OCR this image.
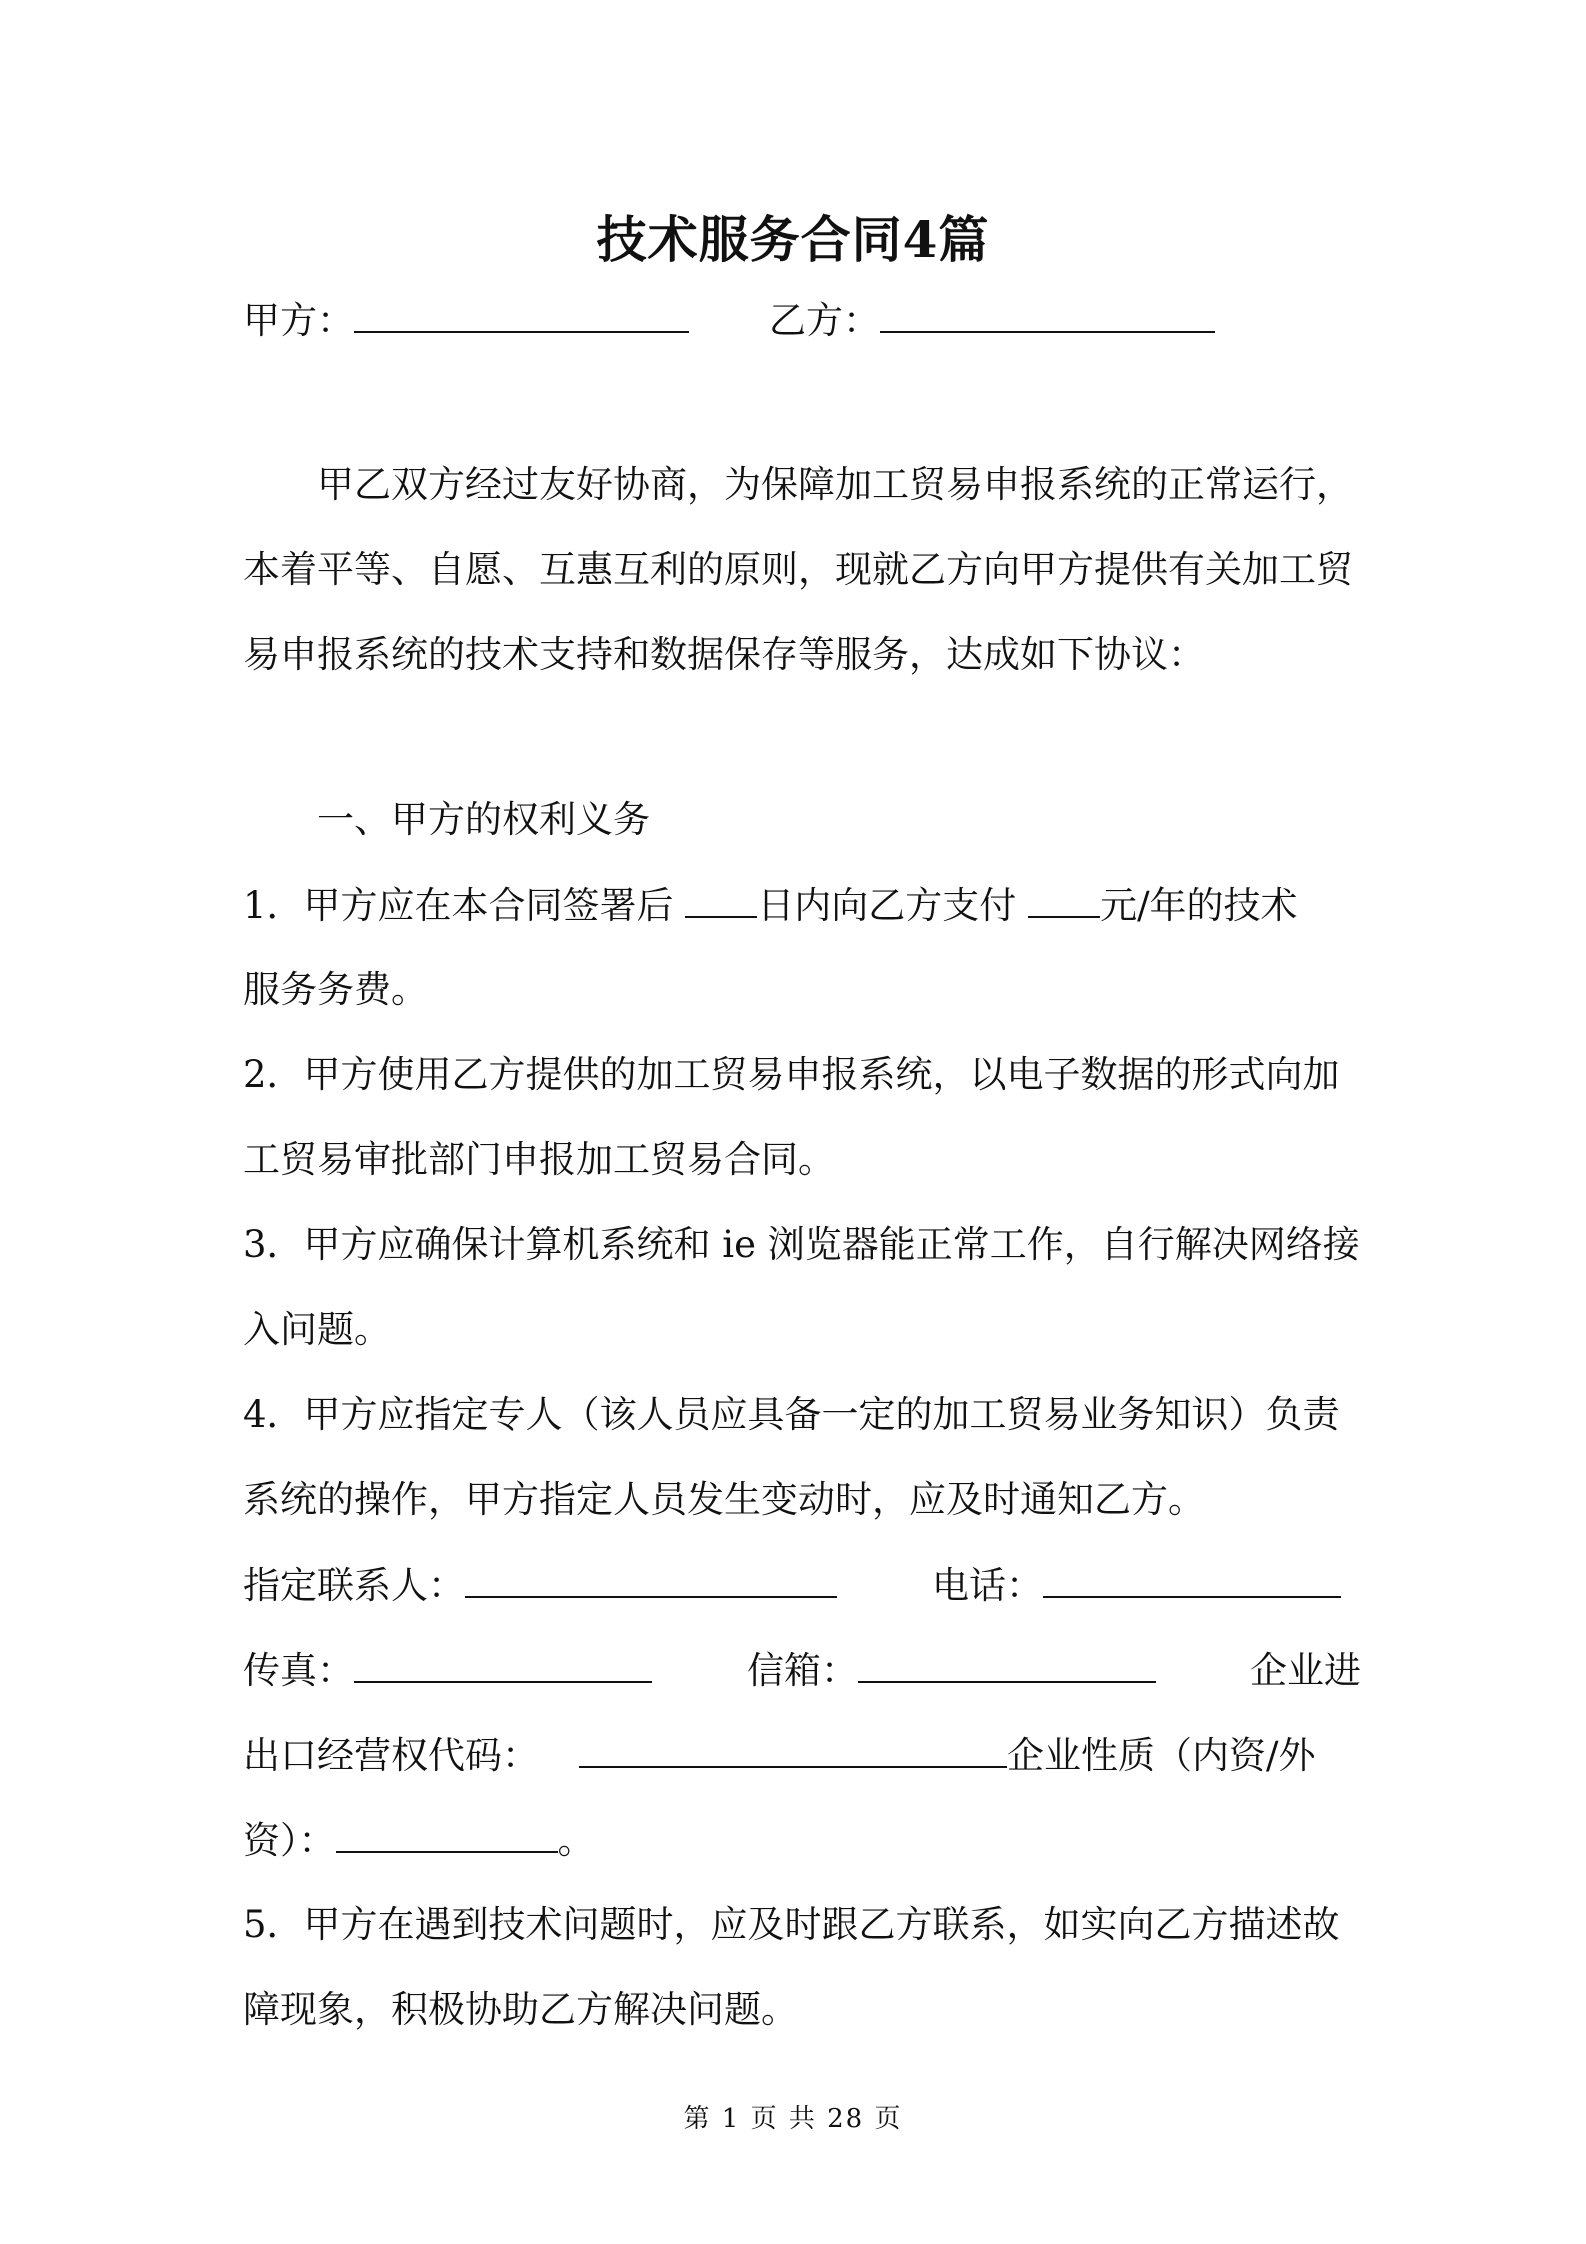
技术服务合同4篇
甲方：	乙方：
甲乙双方经过友好协商，为保障加工贸易申报系统的正常运行，
本着平等、自愿、互惠互利的原则，现就乙方向甲方提供有关加工贸
易申报系统的技术支持和数据保存等服务，达成如下协议：
一、甲方的权利义务
1．甲方应在本合同签署后 日内向乙方支付 元/年的技术
服务务费。
2．甲方使用乙方提供的加工贸易申报系统，以电子数据的形式向加
工贸易审批部门申报加工贸易合同。
3．甲方应确保计算机系统和 ie 浏览器能正常工作，自行解决网络接
入问题。
4．甲方应指定专人（该人员应具备一定的加工贸易业务知识）负责
系统的操作，甲方指定人员发生变动时，应及时通知乙方。
指定联系人：	电话：
传真：	信箱：	企业进
出口经营权代码：	企业性质（内资/外
资）：	。
5．甲方在遇到技术问题时，应及时跟乙方联系，如实向乙方描述故
障现象，积极协助乙方解决问题。
第 1 页 共 28 页
